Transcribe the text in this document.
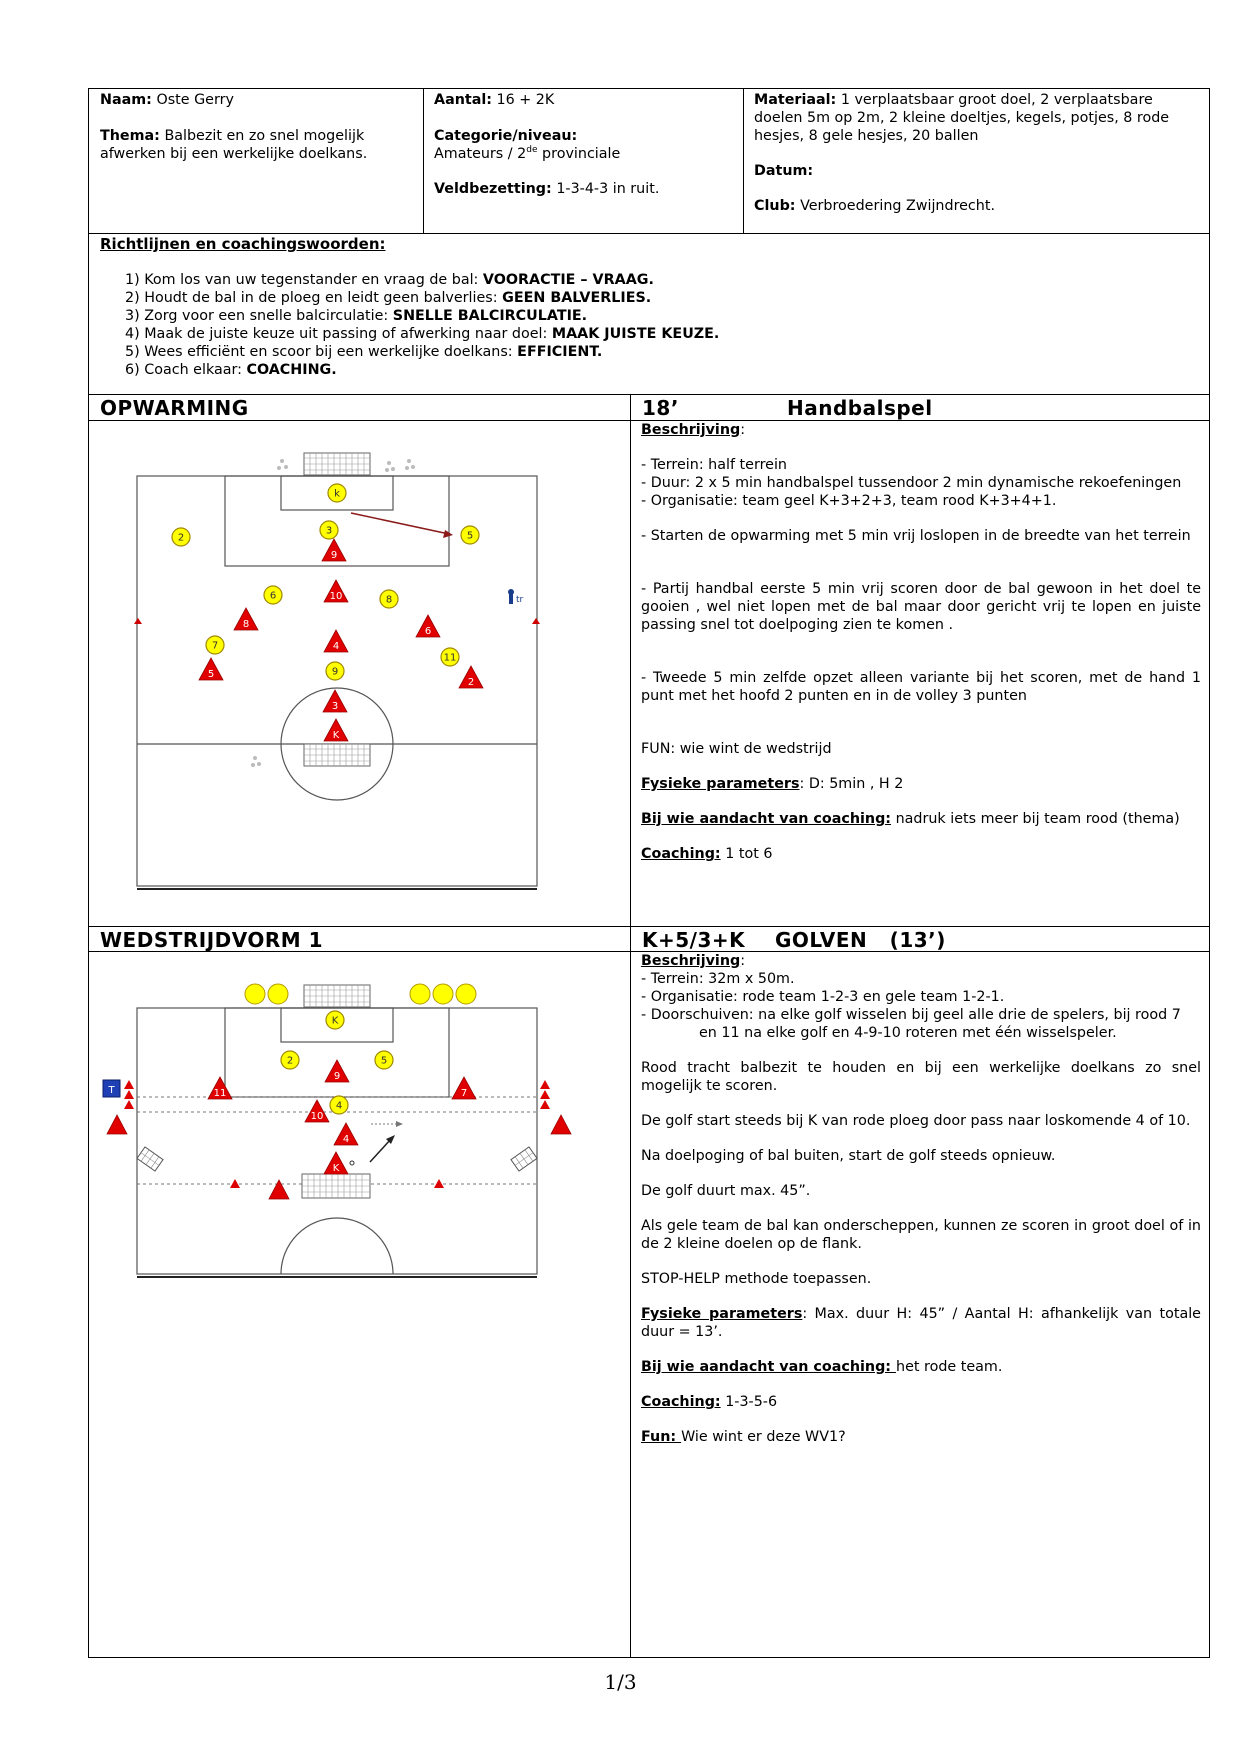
Naam: Oste Gerry

Thema: Balbezit en zo snel mogelijk afwerken bij een werkelijke doelkans.

Aantal: 16 + 2K

Categorie/niveau:

Amateurs / 2de provinciale

Veldbezetting: 1-3-4-3 in ruit.

Materiaal: 1 verplaatsbaar groot doel, 2 verplaatsbare doelen 5m op 2m, 2 kleine doeltjes, kegels, potjes, 8 rode hesjes, 8 gele hesjes, 20 ballen

Datum:

Club: Verbroedering Zwijndrecht.

Richtlijnen en coachingswoorden:

1) Kom los van uw tegenstander en vraag de bal: VOORACTIE – VRAAG.
2) Houdt de bal in de ploeg en leidt geen balverlies: GEEN BALVERLIES.
3) Zorg voor een snelle balcirculatie: SNELLE BALCIRCULATIE.
4) Maak de juiste keuze uit passing of afwerking naar doel: MAAK JUISTE KEUZE.
5) Wees efficiënt en scoor bij een werkelijke doelkans: EFFICIENT.
6) Coach elkaar: COACHING.
OPWARMING	18’	Handbalspel

Beschrijving:

- Terrein: half terrein

- Duur: 2 x 5 min handbalspel tussendoor 2 min dynamische rekoefeningen

- Organisatie: team geel K+3+2+3, team rood K+3+4+1.

- Starten de opwarming met 5 min vrij loslopen in de breedte van het terrein

- Partij handbal eerste 5 min vrij scoren door de bal gewoon in het doel te gooien , wel niet lopen met de bal maar door gericht vrij te lopen en juiste passing snel tot doelpoging zien te komen .

- Tweede 5 min zelfde opzet alleen variante bij het scoren, met de hand 1 punt met het hoofd 2 punten en in de volley 3 punten

FUN: wie wint de wedstrijd

Fysieke parameters: D: 5min , H 2

Bij wie aandacht van coaching: nadruk iets meer bij team rood (thema)

Coaching: 1 tot 6

tr
k
3
2	5
6	8
7
11
9
9
10
8
6
4
5
2
3
K
WEDSTRIJDVORM 1	K+5/3+K    GOLVEN   (13’)

Beschrijving:

- Terrein: 32m x 50m.

- Organisatie: rode team 1-2-3 en gele team 1-2-1.

- Doorschuiven: na elke golf wisselen bij geel alle drie de spelers, bij rood 7

en 11 na elke golf en 4-9-10 roteren met één wisselspeler.

Rood tracht balbezit te houden en bij een werkelijke doelkans zo snel mogelijk te scoren.

De golf start steeds bij K van rode ploeg door pass naar loskomende 4 of 10.

Na doelpoging of bal buiten, start de golf steeds opnieuw.

De golf duurt max. 45”.

Als gele team de bal kan onderscheppen, kunnen ze scoren in groot doel of in de 2 kleine doelen op de flank.

STOP-HELP methode toepassen.

Fysieke parameters: Max. duur H: 45” / Aantal H: afhankelijk van totale duur = 13’.

Bij wie aandacht van coaching: het rode team.

Coaching: 1-3-5-6

Fun: Wie wint er deze WV1?

T
K
2	5
4
9
11	7
10
4
K
1/3
